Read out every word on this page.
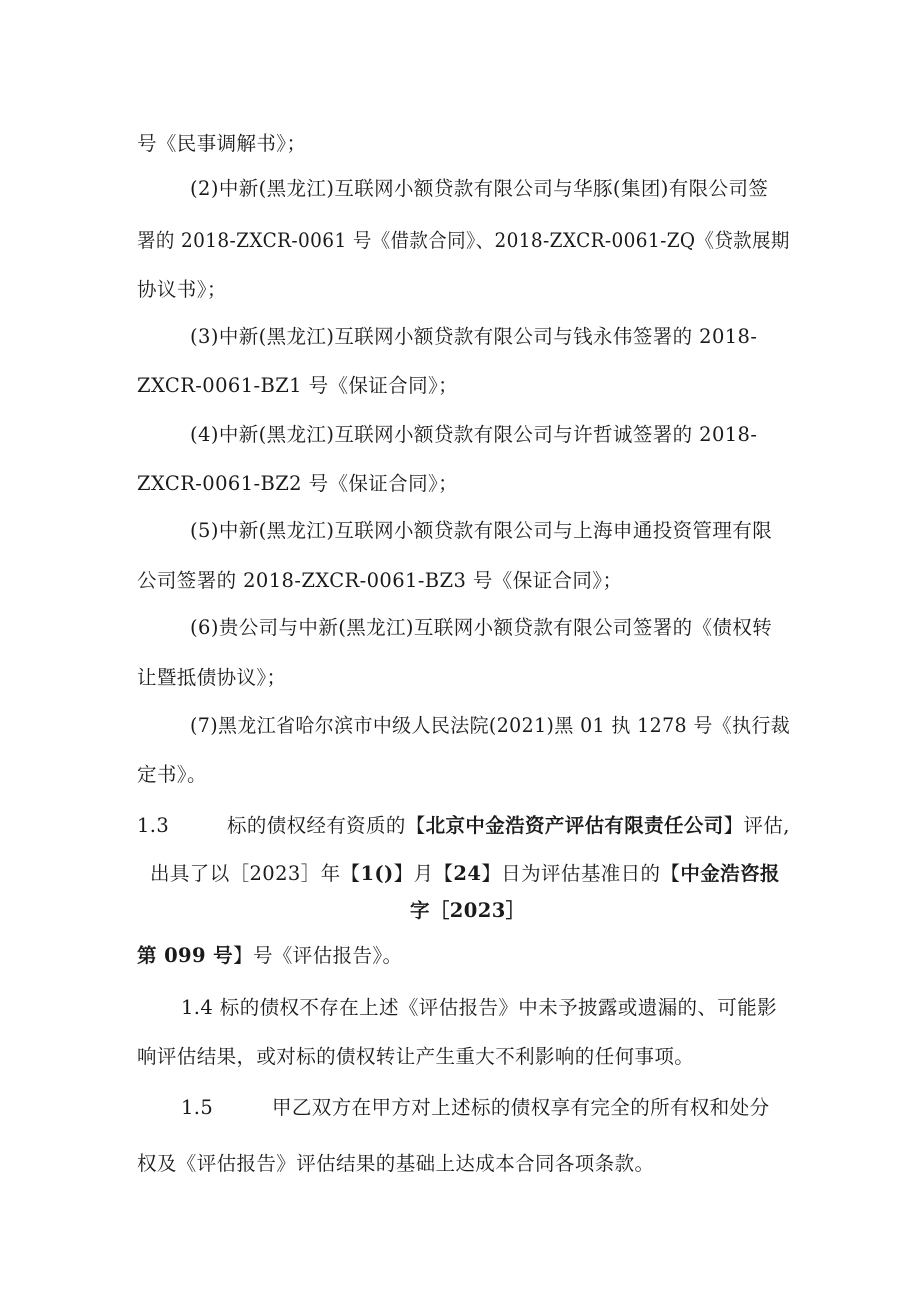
号《民事调解书》；
(2)中新(黑龙江)互联网小额贷款有限公司与华豚(集团)有限公司签
署的 2018-ZXCR-0061 号《借款合同》、2018-ZXCR-0061-ZQ《贷款展期
协议书》；
(3)中新(黑龙江)互联网小额贷款有限公司与钱永伟签署的 2018-
ZXCR-0061-BZ1 号《保证合同》；
(4)中新(黑龙江)互联网小额贷款有限公司与许哲诚签署的 2018-
ZXCR-0061-BZ2 号《保证合同》；
(5)中新(黑龙江)互联网小额贷款有限公司与上海申通投资管理有限
公司签署的 2018-ZXCR-0061-BZ3 号《保证合同》；
(6)贵公司与中新(黑龙江)互联网小额贷款有限公司签署的《债权转
让暨抵债协议》；
(7)黑龙江省哈尔滨市中级人民法院(2021)黑 01 执 1278 号《执行裁
定书》。
1.3	标的债权经有资质的【北京中金浩资产评估有限责任公司】评估,
出具了以［2023］年【1()】月【24】日为评估基准日的【中金浩咨报
字［2023］
第 099 号】号《评估报告》。
1.4 标的债权不存在上述《评估报告》中未予披露或遗漏的、可能影
响评估结果，或对标的债权转让产生重大不利影响的任何事项。
1.5	甲乙双方在甲方对上述标的债权享有完全的所有权和处分
权及《评估报告》评估结果的基础上达成本合同各项条款。
